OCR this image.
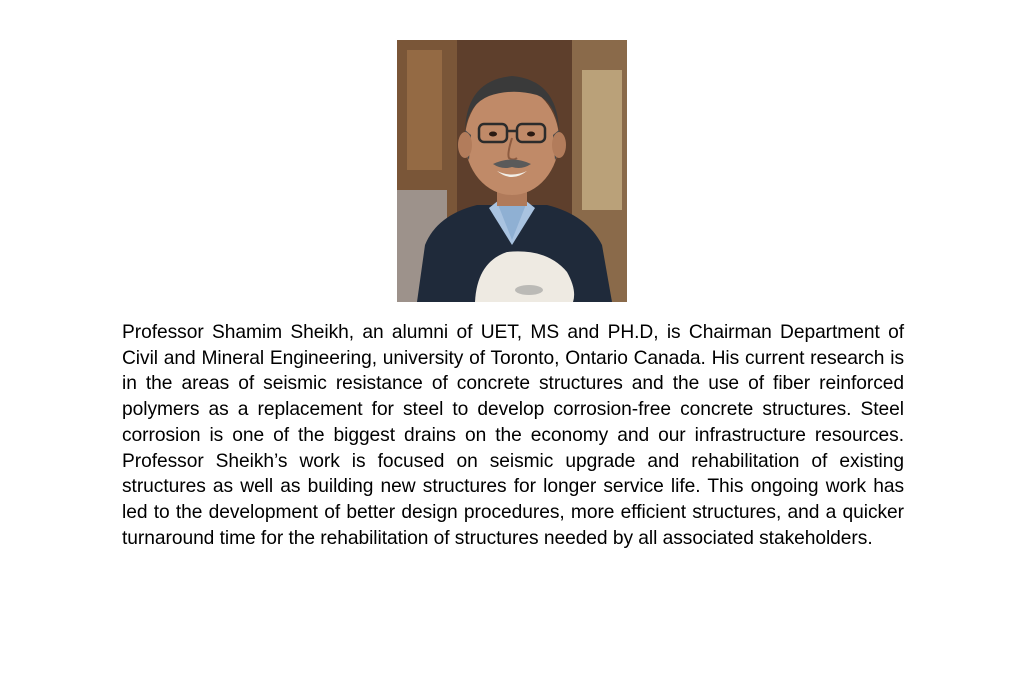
Professor Shamim Sheikh, an alumni of UET, MS and PH.D, is Chairman Department of Civil and Mineral Engineering, university of Toronto, Ontario Canada. His current research is in the areas of seismic resistance of concrete structures and the use of fiber reinforced polymers as a replacement for steel to develop corrosion-free concrete structures. Steel corrosion is one of the biggest drains on the economy and our infrastructure resources. Professor Sheikh’s work is focused on seismic upgrade and rehabilitation of existing structures as well as building new structures for longer service life. This ongoing work has led to the development of better design procedures, more efficient structures, and a quicker turnaround time for the rehabilitation of structures needed by all associated stakeholders.
